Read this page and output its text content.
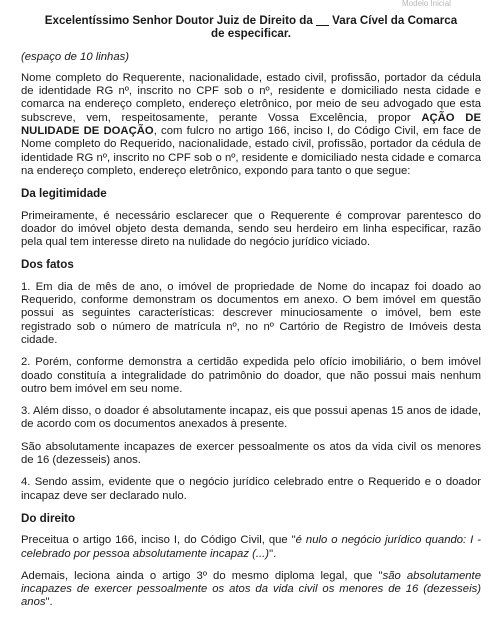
Modelo Inicial
Excelentíssimo Senhor Doutor Juiz de Direito da __ Vara Cível da Comarca
de especificar.
(espaço de 10 linhas)

Nome completo do Requerente, nacionalidade, estado civil, profissão, portador da cédula de identidade RG nº, inscrito no CPF sob o nº, residente e domiciliado nesta cidade e comarca na endereço completo, endereço eletrônico, por meio de seu advogado que esta subscreve, vem, respeitosamente, perante Vossa Excelência, propor AÇÃO DE NULIDADE DE DOAÇÃO, com fulcro no artigo 166, inciso I, do Código Civil, em face de Nome completo do Requerido, nacionalidade, estado civil, profissão, portador da cédula de identidade RG nº, inscrito no CPF sob o nº, residente e domiciliado nesta cidade e comarca na endereço completo, endereço eletrônico, expondo para tanto o que segue:

Da legitimidade

Primeiramente, é necessário esclarecer que o Requerente é comprovar parentesco do doador do imóvel objeto desta demanda, sendo seu herdeiro em linha especificar, razão pela qual tem interesse direto na nulidade do negócio jurídico viciado.

Dos fatos

1. Em dia de mês de ano, o imóvel de propriedade de Nome do incapaz foi doado ao Requerido, conforme demonstram os documentos em anexo. O bem imóvel em questão possui as seguintes características: descrever minuciosamente o imóvel, bem este registrado sob o número de matrícula nº, no nº Cartório de Registro de Imóveis desta cidade.

2. Porém, conforme demonstra a certidão expedida pelo ofício imobiliário, o bem imóvel doado constituía a integralidade do patrimônio do doador, que não possui mais nenhum outro bem imóvel em seu nome.

3. Além disso, o doador é absolutamente incapaz, eis que possui apenas 15 anos de idade, de acordo com os documentos anexados à presente.

São absolutamente incapazes de exercer pessoalmente os atos da vida civil os menores de 16 (dezesseis) anos.

4. Sendo assim, evidente que o negócio jurídico celebrado entre o Requerido e o doador incapaz deve ser declarado nulo.

Do direito

Preceitua o artigo 166, inciso I, do Código Civil, que "é nulo o negócio jurídico quando: I - celebrado por pessoa absolutamente incapaz (...)".

Ademais, leciona ainda o artigo 3º do mesmo diploma legal, que "são absolutamente incapazes de exercer pessoalmente os atos da vida civil os menores de 16 (dezesseis) anos".
